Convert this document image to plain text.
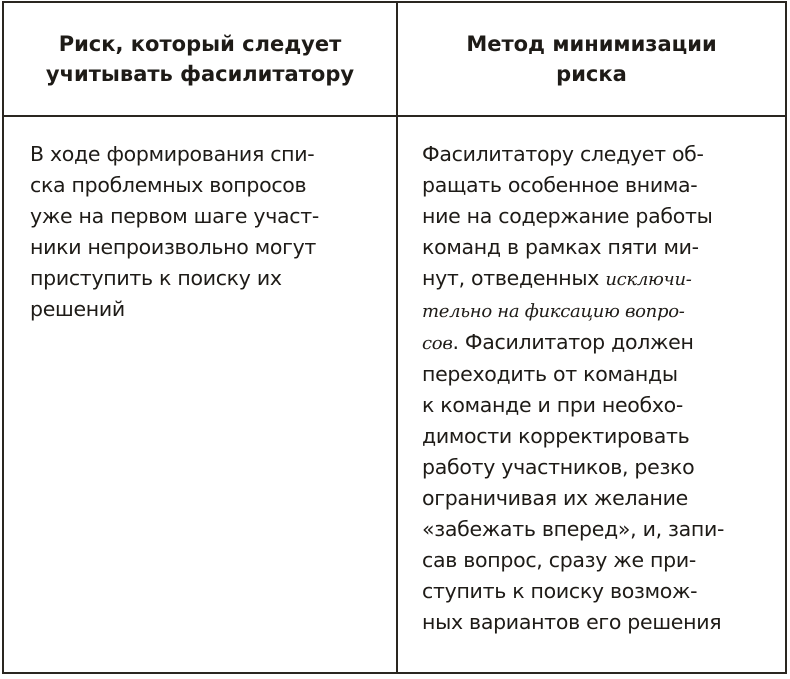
Риск, который следует
учитывать фасилитатору
Метод минимизации
риска
В ходе формирования спи-
ска проблемных вопросов
уже на первом шаге участ-
ники непроизвольно могут
приступить к поиску их
решений
Фасилитатору следует об-
ращать особенное внима-
ние на содержание работы
команд в рамках пяти ми-
нут, отведенных исключи-
тельно на фиксацию вопро-
сов. Фасилитатор должен
переходить от команды
к команде и при необхо-
димости корректировать
работу участников, резко
ограничивая их желание
«забежать вперед», и, запи-
сав вопрос, сразу же при-
ступить к поиску возмож-
ных вариантов его решения
